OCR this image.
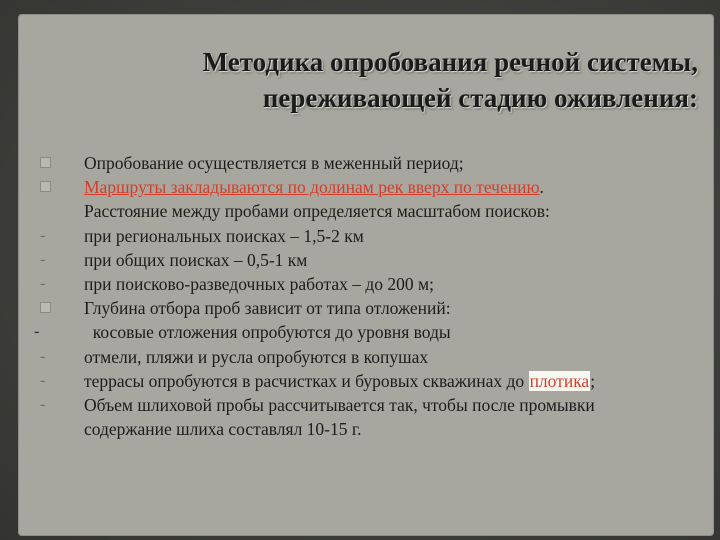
Методика опробования речной системы,
переживающей стадию оживления:
Опробование осуществляется в меженный период;
Маршруты закладываются по долинам рек вверх по течению.
Расстояние между пробами определяется масштабом поисков:
-	при региональных поисках – 1,5-2 км
-	при общих поисках – 0,5-1 км
-	при поисково-разведочных работах – до 200 м;
Глубина отбора проб зависит от типа отложений:
-	косовые отложения опробуются до уровня воды
-	отмели, пляжи и русла опробуются в копушах
-	террасы опробуются в расчистках и буровых скважинах до плотика;
-	Объем шлиховой пробы рассчитывается так, чтобы после промывки
содержание шлиха составлял 10-15 г.
